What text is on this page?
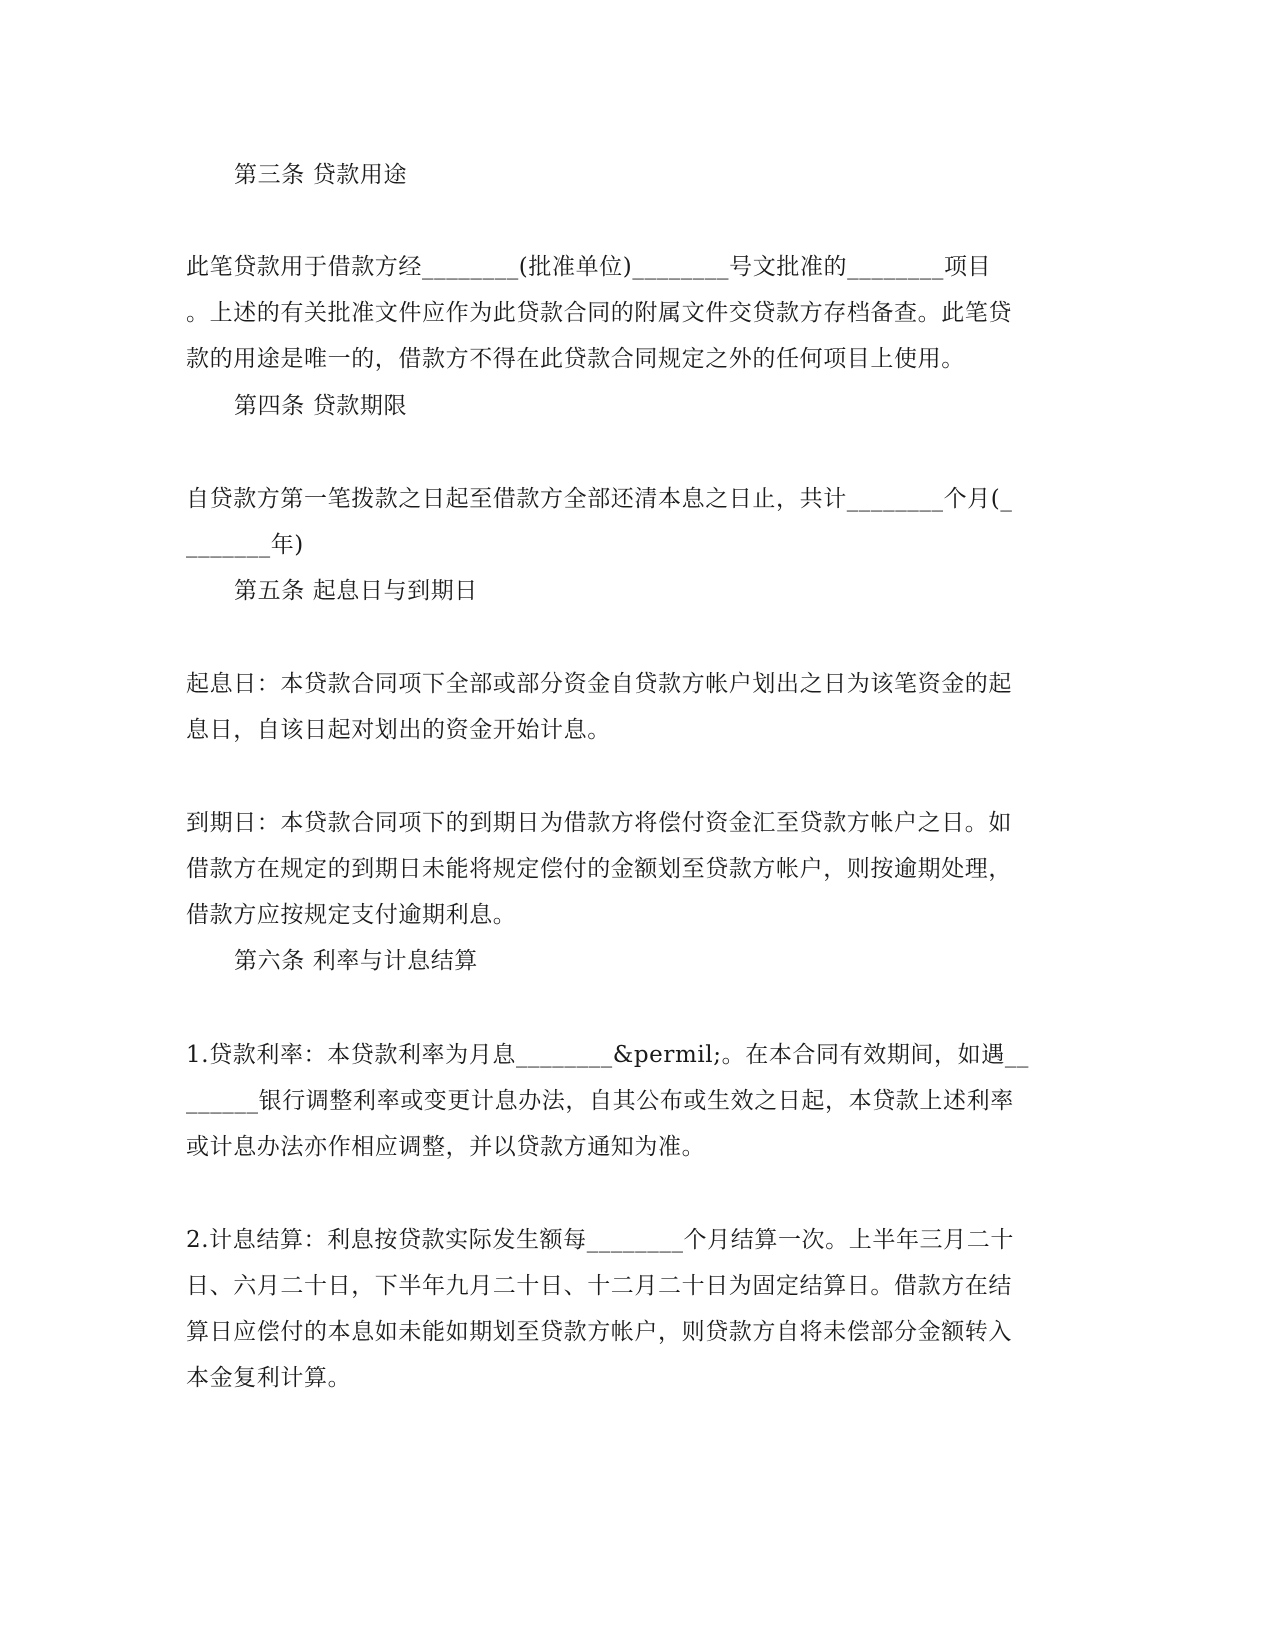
第三条 贷款用途
此笔贷款用于借款方经________(批准单位)________号文批准的________项目
。上述的有关批准文件应作为此贷款合同的附属文件交贷款方存档备查。此笔贷
款的用途是唯一的，借款方不得在此贷款合同规定之外的任何项目上使用。
第四条 贷款期限
自贷款方第一笔拨款之日起至借款方全部还清本息之日止，共计________个月(_
_______年)
第五条 起息日与到期日
起息日：本贷款合同项下全部或部分资金自贷款方帐户划出之日为该笔资金的起
息日，自该日起对划出的资金开始计息。
到期日：本贷款合同项下的到期日为借款方将偿付资金汇至贷款方帐户之日。如
借款方在规定的到期日未能将规定偿付的金额划至贷款方帐户，则按逾期处理，
借款方应按规定支付逾期利息。
第六条 利率与计息结算
1.贷款利率：本贷款利率为月息________&permil;。在本合同有效期间，如遇__
______银行调整利率或变更计息办法，自其公布或生效之日起，本贷款上述利率
或计息办法亦作相应调整，并以贷款方通知为准。
2.计息结算：利息按贷款实际发生额每________个月结算一次。上半年三月二十
日、六月二十日，下半年九月二十日、十二月二十日为固定结算日。借款方在结
算日应偿付的本息如未能如期划至贷款方帐户，则贷款方自将未偿部分金额转入
本金复利计算。
